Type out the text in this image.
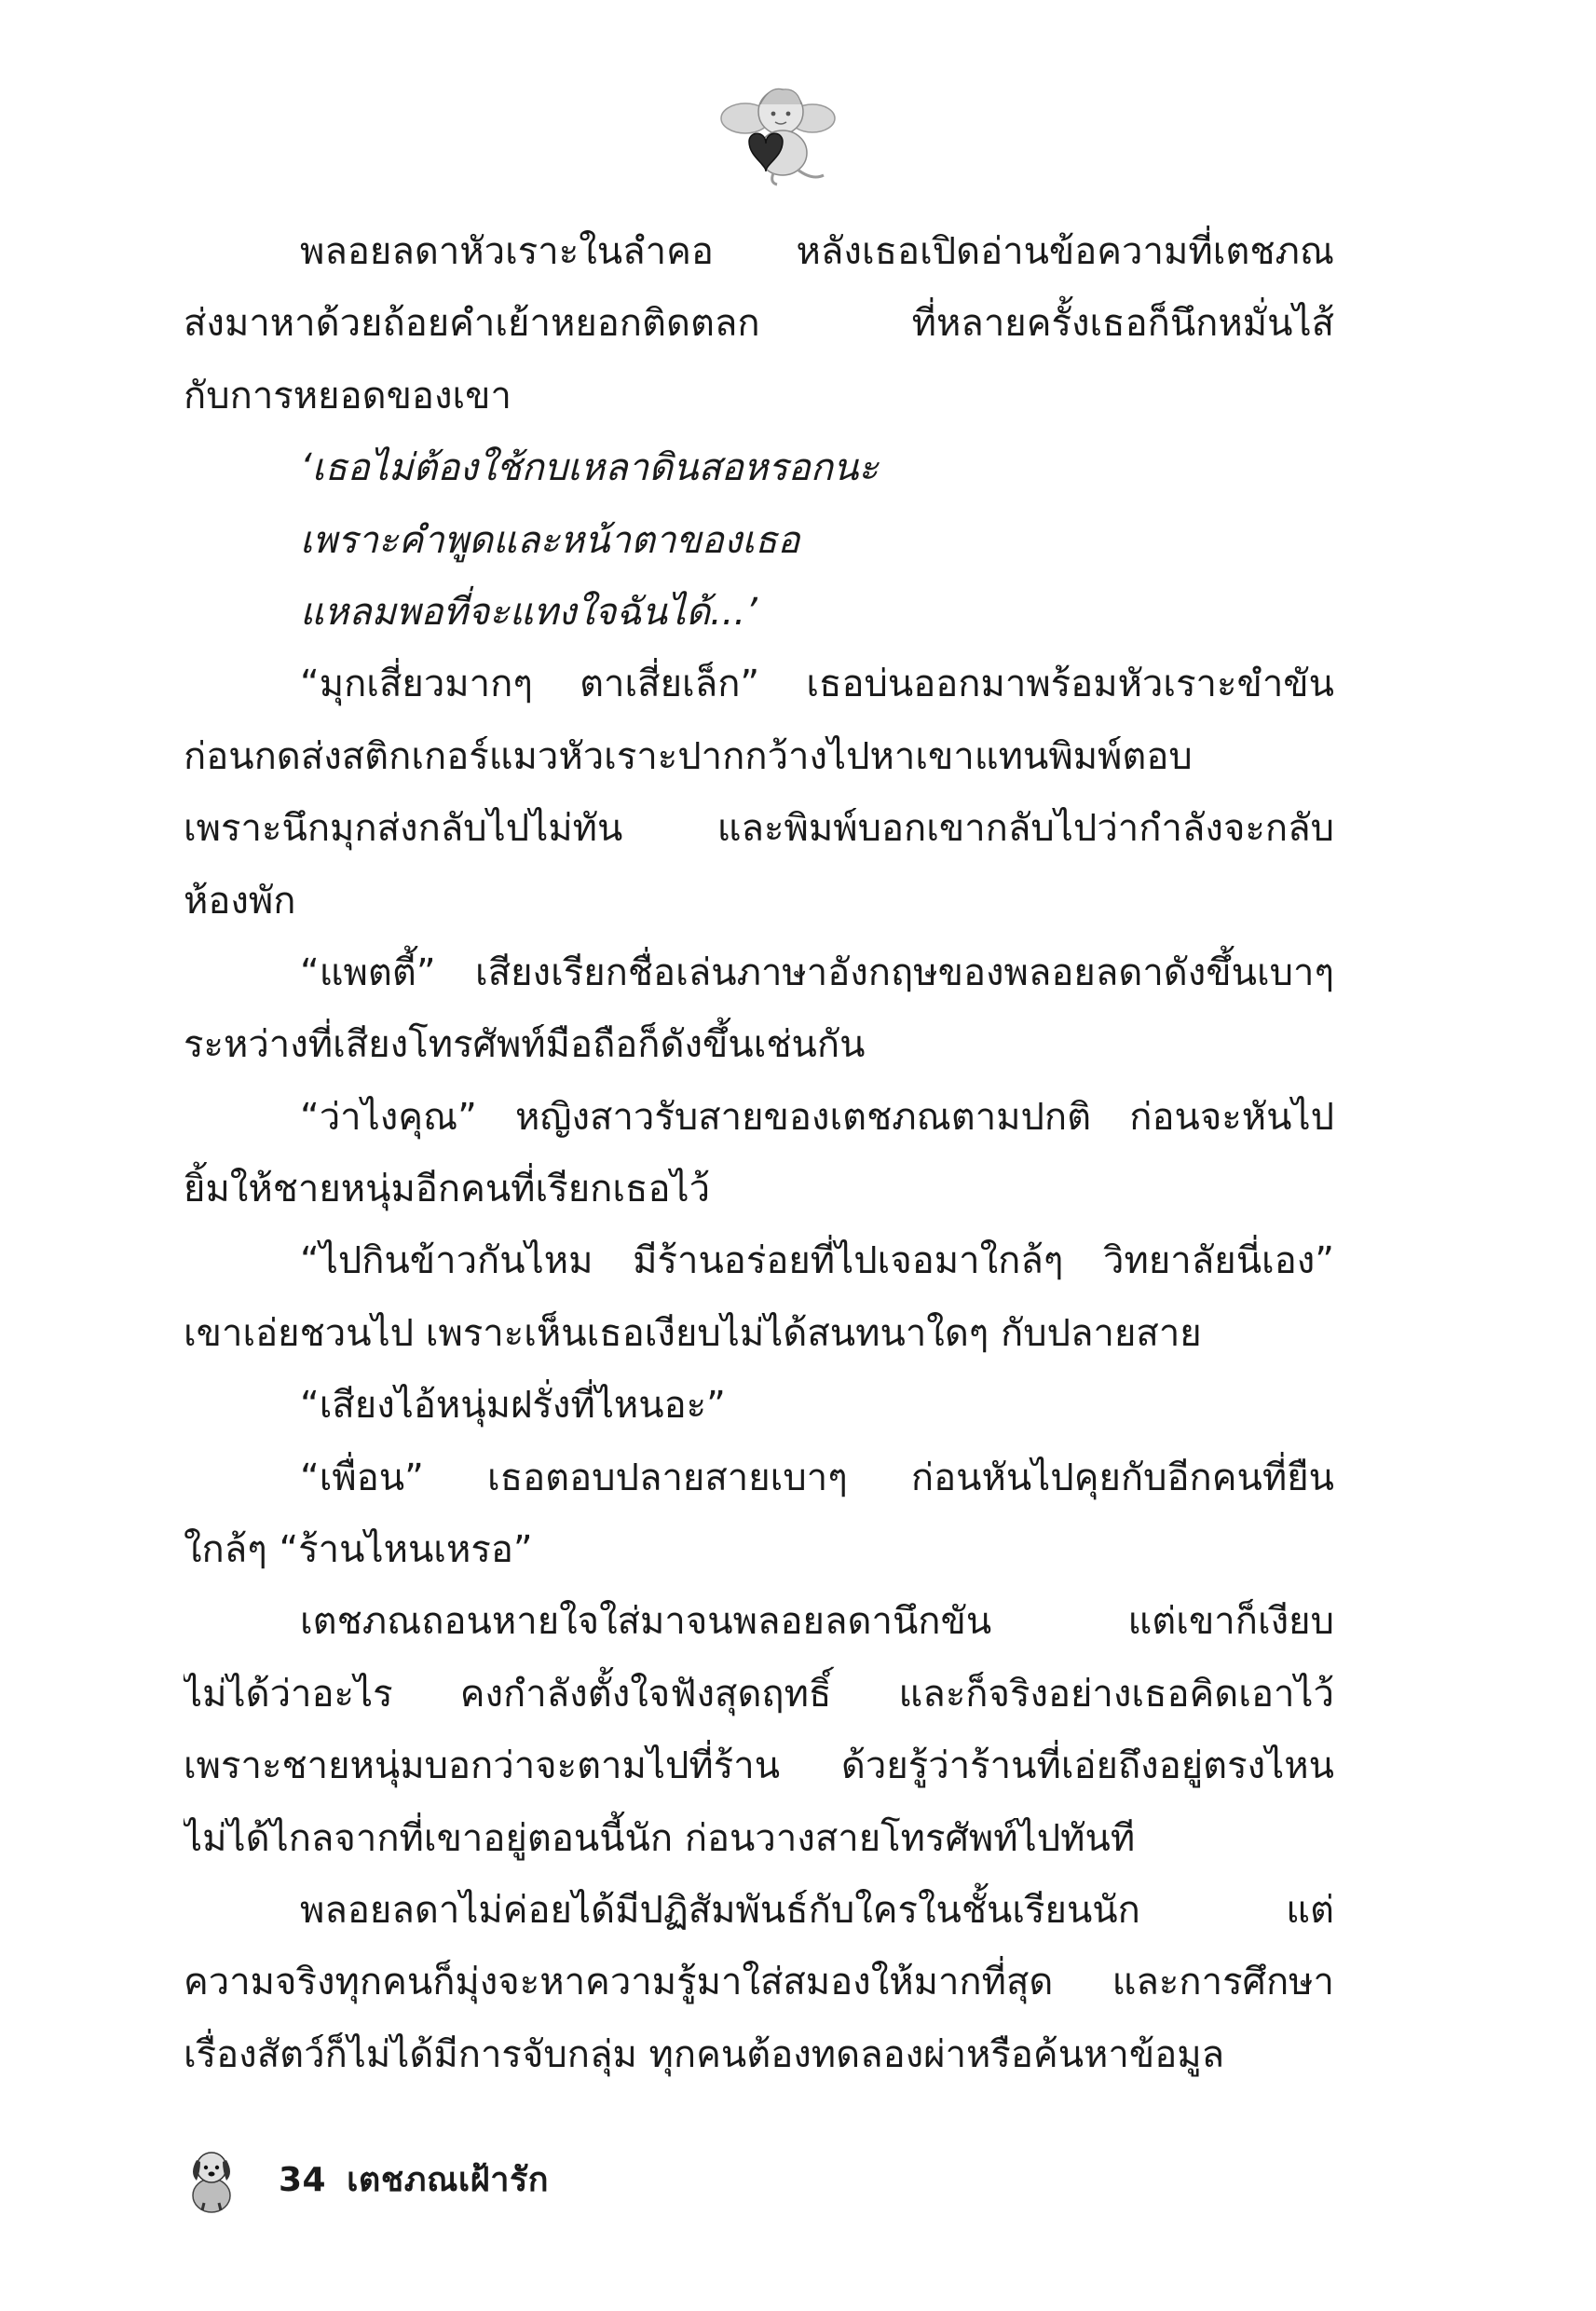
พลอยลดาหัวเราะในลำคอ หลังเธอเปิดอ่านข้อความที่เตชภณ
ส่งมาหาด้วยถ้อยคำเย้าหยอกติดตลก ที่หลายครั้งเธอก็นึกหมั่นไส้
กับการหยอดของเขา
‘เธอไม่ต้องใช้กบเหลาดินสอหรอกนะ
เพราะคำพูดและหน้าตาของเธอ
แหลมพอที่จะแทงใจฉันได้...’
“มุกเสี่ยวมากๆ ตาเสี่ยเล็ก” เธอบ่นออกมาพร้อมหัวเราะขำขัน
ก่อนกดส่งสติกเกอร์แมวหัวเราะปากกว้างไปหาเขาแทนพิมพ์ตอบ
เพราะนึกมุกส่งกลับไปไม่ทัน และพิมพ์บอกเขากลับไปว่ากำลังจะกลับ
ห้องพัก
“แพตตี้” เสียงเรียกชื่อเล่นภาษาอังกฤษของพลอยลดาดังขึ้นเบาๆ
ระหว่างที่เสียงโทรศัพท์มือถือก็ดังขึ้นเช่นกัน
“ว่าไงคุณ” หญิงสาวรับสายของเตชภณตามปกติ ก่อนจะหันไป
ยิ้มให้ชายหนุ่มอีกคนที่เรียกเธอไว้
“ไปกินข้าวกันไหม มีร้านอร่อยที่ไปเจอมาใกล้ๆ วิทยาลัยนี่เอง”
เขาเอ่ยชวนไป เพราะเห็นเธอเงียบไม่ได้สนทนาใดๆ กับปลายสาย
“เสียงไอ้หนุ่มฝรั่งที่ไหนอะ”
“เพื่อน” เธอตอบปลายสายเบาๆ ก่อนหันไปคุยกับอีกคนที่ยืน
ใกล้ๆ “ร้านไหนเหรอ”
เตชภณถอนหายใจใส่มาจนพลอยลดานึกขัน แต่เขาก็เงียบ
ไม่ได้ว่าอะไร คงกำลังตั้งใจฟังสุดฤทธิ์ และก็จริงอย่างเธอคิดเอาไว้
เพราะชายหนุ่มบอกว่าจะตามไปที่ร้าน ด้วยรู้ว่าร้านที่เอ่ยถึงอยู่ตรงไหน
ไม่ได้ไกลจากที่เขาอยู่ตอนนี้นัก ก่อนวางสายโทรศัพท์ไปทันที
พลอยลดาไม่ค่อยได้มีปฏิสัมพันธ์กับใครในชั้นเรียนนัก แต่
ความจริงทุกคนก็มุ่งจะหาความรู้มาใส่สมองให้มากที่สุด และการศึกษา
เรื่องสัตว์ก็ไม่ได้มีการจับกลุ่ม ทุกคนต้องทดลองผ่าหรือค้นหาข้อมูล
34 เตชภณเฝ้ารัก
